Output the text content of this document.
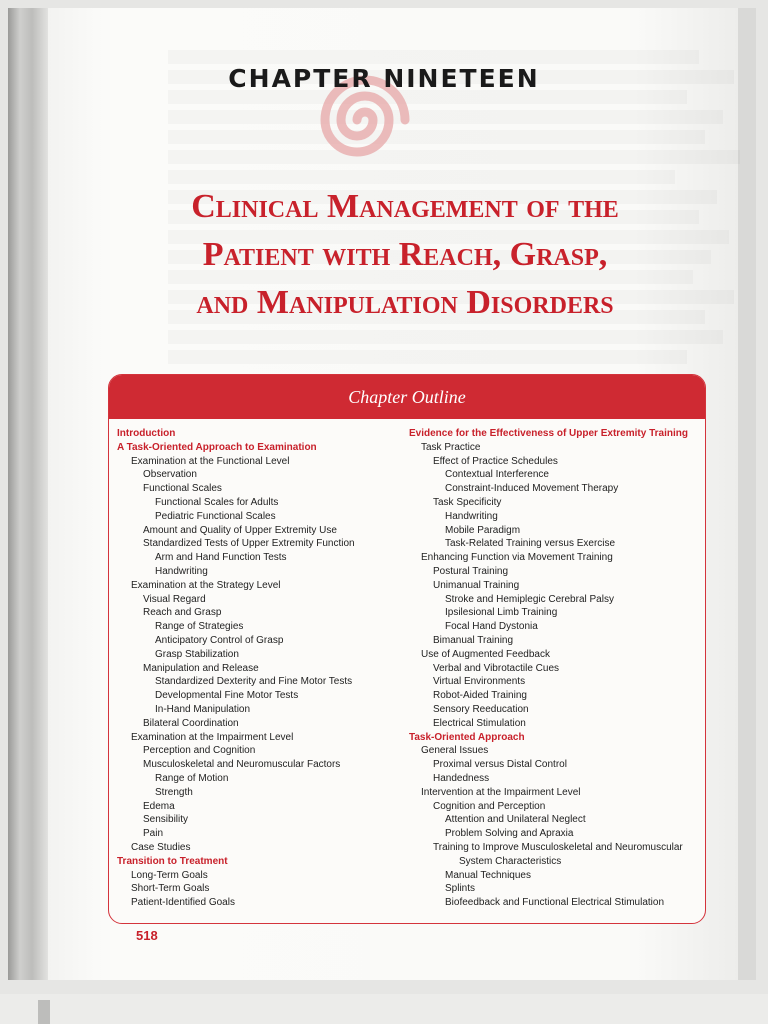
CHAPTER NINETEEN
Clinical Management of the
Patient with Reach, Grasp,
and Manipulation Disorders
Chapter Outline
Introduction
A Task-Oriented Approach to Examination
Examination at the Functional Level
Observation
Functional Scales
Functional Scales for Adults
Pediatric Functional Scales
Amount and Quality of Upper Extremity Use
Standardized Tests of Upper Extremity Function
Arm and Hand Function Tests
Handwriting
Examination at the Strategy Level
Visual Regard
Reach and Grasp
Range of Strategies
Anticipatory Control of Grasp
Grasp Stabilization
Manipulation and Release
Standardized Dexterity and Fine Motor Tests
Developmental Fine Motor Tests
In-Hand Manipulation
Bilateral Coordination
Examination at the Impairment Level
Perception and Cognition
Musculoskeletal and Neuromuscular Factors
Range of Motion
Strength
Edema
Sensibility
Pain
Case Studies
Transition to Treatment
Long-Term Goals
Short-Term Goals
Patient-Identified Goals
Evidence for the Effectiveness of Upper Extremity Training
Task Practice
Effect of Practice Schedules
Contextual Interference
Constraint-Induced Movement Therapy
Task Specificity
Handwriting
Mobile Paradigm
Task-Related Training versus Exercise
Enhancing Function via Movement Training
Postural Training
Unimanual Training
Stroke and Hemiplegic Cerebral Palsy
Ipsilesional Limb Training
Focal Hand Dystonia
Bimanual Training
Use of Augmented Feedback
Verbal and Vibrotactile Cues
Virtual Environments
Robot-Aided Training
Sensory Reeducation
Electrical Stimulation
Task-Oriented Approach
General Issues
Proximal versus Distal Control
Handedness
Intervention at the Impairment Level
Cognition and Perception
Attention and Unilateral Neglect
Problem Solving and Apraxia
Training to Improve Musculoskeletal and Neuromuscular
System Characteristics
Manual Techniques
Splints
Biofeedback and Functional Electrical Stimulation
518
